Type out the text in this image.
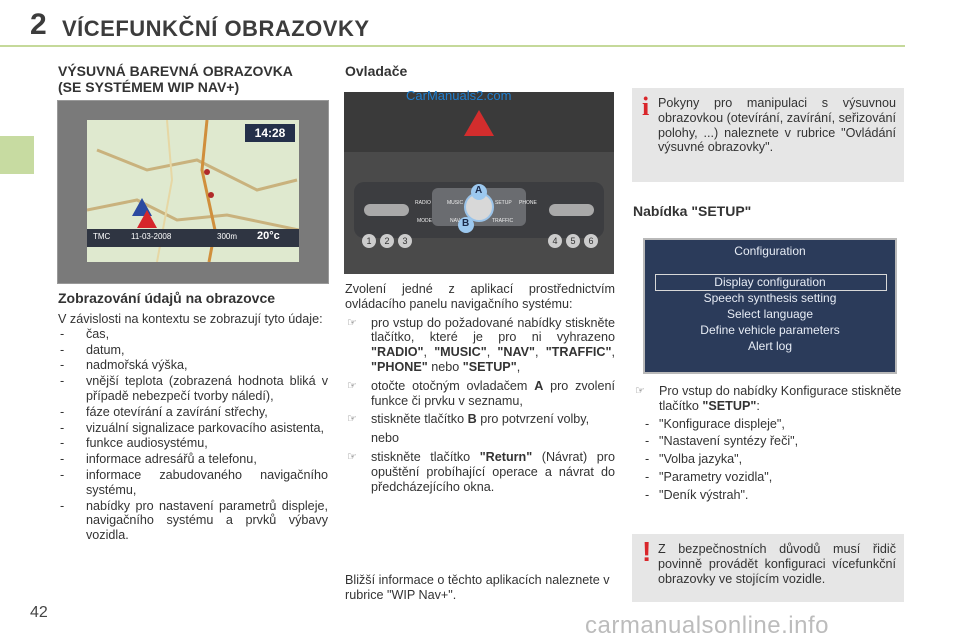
2 VÍCEFUNKČNÍ OBRAZOVKY
VÝSUVNÁ BAREVNÁ OBRAZOVKA
(SE SYSTÉMEM WIP NAV+)
14:28
TMC	11-03-2008	300m 20°c
Zobrazování údajů na obrazovce
V závislosti na kontextu se zobrazují tyto údaje:
- čas,
- datum,
- nadmořská výška,
- vnější teplota (zobrazená hodnota bliká v případě nebezpečí tvorby náledí),
- fáze otevírání a zavírání střechy,
- vizuální signalizace parkovacího asistenta,
- funkce audiosystému,
- informace adresářů a telefonu,
- informace zabudovaného navigačního systému,
- nabídky pro nastavení parametrů displeje, navigačního systému a prvků výbavy vozidla.
Ovladače
RADIO	MUSIC	SETUP PHONE
MODE	NAV	TRAFFIC
A
B
1	2	3	4	5	6
CarManuals2.com
Zvolení jedné z aplikací prostřednictvím ovládacího panelu navigačního systému:
☞ pro vstup do požadované nabídky stiskněte tlačítko, které je pro ni vyhrazeno "RADIO", "MUSIC", "NAV", "TRAFFIC", "PHONE" nebo "SETUP",
☞ otočte otočným ovladačem A pro zvolení funkce či prvku v seznamu,
☞ stiskněte tlačítko B pro potvrzení volby,
nebo
☞ stiskněte tlačítko "Return" (Návrat) pro opuštění probíhající operace a návrat do předcházejícího okna.
Bližší informace o těchto aplikacích naleznete v rubrice "WIP Nav+".
i Pokyny pro manipulaci s výsuvnou obrazovkou (otevírání, zavírání, seřizování polohy, ...) naleznete v rubrice "Ovládání výsuvné obrazovky".
Nabídka "SETUP"
Configuration
Display configuration
Speech synthesis setting
Select language
Define vehicle parameters
Alert log
☞ Pro vstup do nabídky Konfigurace stiskněte tlačítko "SETUP":
- "Konfigurace displeje",
- "Nastavení syntézy řeči",
- "Volba jazyka",
- "Parametry vozidla",
- "Deník výstrah".
! Z bezpečnostních důvodů musí řidič povinně provádět konfiguraci vícefunkční obrazovky ve stojícím vozidle.
42	carmanualsonline.info
